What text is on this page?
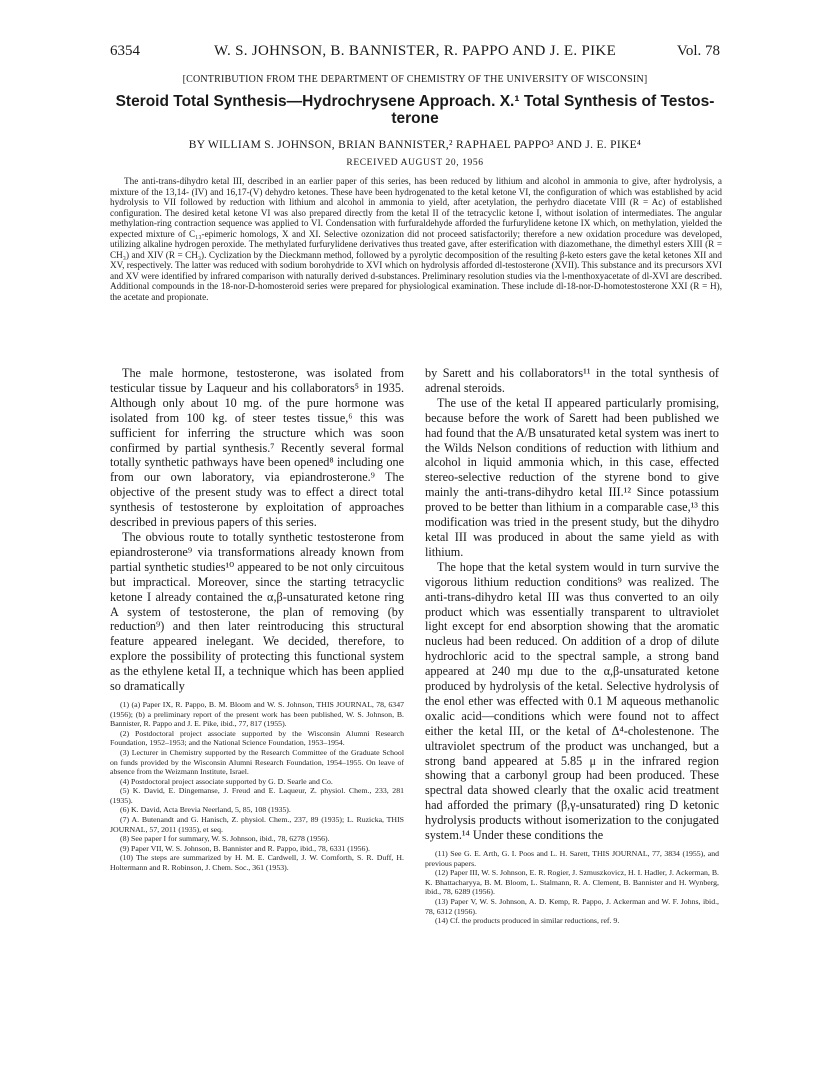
6354	W. S. JOHNSON, B. BANNISTER, R. PAPPO AND J. E. PIKE	Vol. 78
[CONTRIBUTION FROM THE DEPARTMENT OF CHEMISTRY OF THE UNIVERSITY OF WISCONSIN]
Steroid Total Synthesis—Hydrochrysene Approach. X.¹ Total Synthesis of Testos-terone
BY WILLIAM S. JOHNSON, BRIAN BANNISTER,² RAPHAEL PAPPO³ AND J. E. PIKE⁴
RECEIVED AUGUST 20, 1956

The anti-trans-dihydro ketal III, described in an earlier paper of this series, has been reduced by lithium and alcohol in ammonia to give, after hydrolysis, a mixture of the 13,14- (IV) and 16,17-(V) dehydro ketones. These have been hydrogenated to the ketal ketone VI, the configuration of which was established by acid hydrolysis to VII followed by reduction with lithium and alcohol in ammonia to yield, after acetylation, the perhydro diacetate VIII (R = Ac) of established configuration. The desired ketal ketone VI was also prepared directly from the ketal II of the tetracyclic ketone I, without isolation of intermediates. The angular methylation-ring contraction sequence was applied to VI. Condensation with furfuraldehyde afforded the furfurylidene ketone IX which, on methylation, yielded the expected mixture of C₁₃-epimeric homologs, X and XI. Selective ozonization did not proceed satisfactorily; therefore a new oxidation procedure was developed, utilizing alkaline hydrogen peroxide. The methylated furfurylidene derivatives thus treated gave, after esterification with diazomethane, the dimethyl esters XIII (R = CH₃) and XIV (R = CH₃). Cyclization by the Dieckmann method, followed by a pyrolytic decomposition of the resulting β-keto esters gave the ketal ketones XII and XV, respectively. The latter was reduced with sodium borohydride to XVI which on hydrolysis afforded dl-testosterone (XVII). This substance and its precursors XVI and XV were identified by infrared comparison with naturally derived d-substances. Preliminary resolution studies via the l-menthoxyacetate of dl-XVI are described. Additional compounds in the 18-nor-D-homosteroid series were prepared for physiological examination. These include dl-18-nor-D-homotestosterone XXI (R = H), the acetate and propionate.

The male hormone, testosterone, was isolated from testicular tissue by Laqueur and his collaborators⁵ in 1935. Although only about 10 mg. of the pure hormone was isolated from 100 kg. of steer testes tissue,⁶ this was sufficient for inferring the structure which was soon confirmed by partial synthesis.⁷ Recently several formal totally synthetic pathways have been opened⁸ including one from our own laboratory, via epiandrosterone.⁹ The objective of the present study was to effect a direct total synthesis of testosterone by exploitation of approaches described in previous papers of this series.

The obvious route to totally synthetic testosterone from epiandrosterone⁹ via transformations already known from partial synthetic studies¹⁰ appeared to be not only circuitous but impractical. Moreover, since the starting tetracyclic ketone I already contained the α,β-unsaturated ketone ring A system of testosterone, the plan of removing (by reduction⁹) and then later reintroducing this structural feature appeared inelegant. We decided, therefore, to explore the possibility of protecting this functional system as the ethylene ketal II, a technique which has been applied so dramatically

(1) (a) Paper IX, R. Pappo, B. M. Bloom and W. S. Johnson, THIS JOURNAL, 78, 6347 (1956); (b) a preliminary report of the present work has been published, W. S. Johnson, B. Bannister, R. Pappo and J. E. Pike, ibid., 77, 817 (1955).
(2) Postdoctoral project associate supported by the Wisconsin Alumni Research Foundation, 1952–1953; and the National Science Foundation, 1953–1954.
(3) Lecturer in Chemistry supported by the Research Committee of the Graduate School on funds provided by the Wisconsin Alumni Research Foundation, 1954–1955. On leave of absence from the Weizmann Institute, Israel.
(4) Postdoctoral project associate supported by G. D. Searle and Co.
(5) K. David, E. Dingemanse, J. Freud and E. Laqueur, Z. physiol. Chem., 233, 281 (1935).
(6) K. David, Acta Brevia Neerland, 5, 85, 108 (1935).
(7) A. Butenandt and G. Hanisch, Z. physiol. Chem., 237, 89 (1935); L. Ruzicka, THIS JOURNAL, 57, 2011 (1935), et seq.
(8) See paper I for summary, W. S. Johnson, ibid., 78, 6278 (1956).
(9) Paper VII, W. S. Johnson, B. Bannister and R. Pappo, ibid., 78, 6331 (1956).
(10) The steps are summarized by H. M. E. Cardwell, J. W. Cornforth, S. R. Duff, H. Holtermann and R. Robinson, J. Chem. Soc., 361 (1953).

by Sarett and his collaborators¹¹ in the total synthesis of adrenal steroids.

The use of the ketal II appeared particularly promising, because before the work of Sarett had been published we had found that the A/B unsaturated ketal system was inert to the Wilds Nelson conditions of reduction with lithium and alcohol in liquid ammonia which, in this case, effected stereo-selective reduction of the styrene bond to give mainly the anti-trans-dihydro ketal III.¹² Since potassium proved to be better than lithium in a comparable case,¹³ this modification was tried in the present study, but the dihydro ketal III was produced in about the same yield as with lithium.

The hope that the ketal system would in turn survive the vigorous lithium reduction conditions⁹ was realized. The anti-trans-dihydro ketal III was thus converted to an oily product which was essentially transparent to ultraviolet light except for end absorption showing that the aromatic nucleus had been reduced. On addition of a drop of dilute hydrochloric acid to the spectral sample, a strong band appeared at 240 mμ due to the α,β-unsaturated ketone produced by hydrolysis of the ketal. Selective hydrolysis of the enol ether was effected with 0.1 M aqueous methanolic oxalic acid—conditions which were found not to affect either the ketal III, or the ketal of Δ⁴-cholestenone. The ultraviolet spectrum of the product was unchanged, but a strong band appeared at 5.85 μ in the infrared region showing that a carbonyl group had been produced. These spectral data showed clearly that the oxalic acid treatment had afforded the primary (β,γ-unsaturated) ring D ketonic hydrolysis products without isomerization to the conjugated system.¹⁴ Under these conditions the

(11) See G. E. Arth, G. I. Poos and L. H. Sarett, THIS JOURNAL, 77, 3834 (1955), and previous papers.
(12) Paper III, W. S. Johnson, E. R. Rogier, J. Szmuszkovicz, H. I. Hadler, J. Ackerman, B. K. Bhattacharyya, B. M. Bloom, L. Stalmann, R. A. Clement, B. Bannister and H. Wynberg, ibid., 78, 6289 (1956).
(13) Paper V, W. S. Johnson, A. D. Kemp, R. Pappo, J. Ackerman and W. F. Johns, ibid., 78, 6312 (1956).
(14) Cf. the products produced in similar reductions, ref. 9.
